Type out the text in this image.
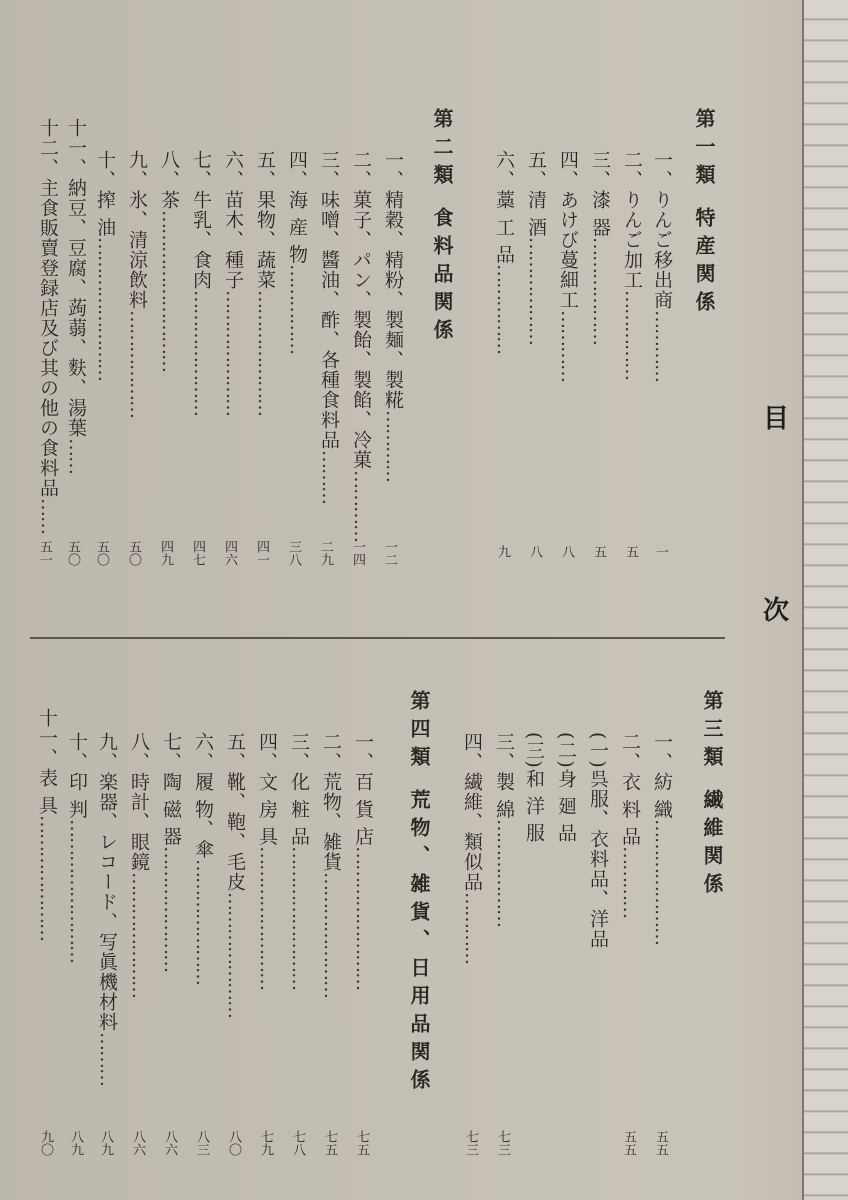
目
次
第一類 特産関係
一、りんご移出商…………
二、りんご加工……………
三、漆 器………………
四、あけび蔓細工…………
五、清 酒………………
六、藁 工 品……………
一
五
五
八
八
九
第二類 食料品関係
一、精穀、精粉、製麺、製糀…………
二、菓子、パン、製飴、製餡、冷菓…………
三、味噌、醬油、酢、各種食料品………
四、海 産 物……………
五、果物、蔬菜…………………
六、苗木、種子…………………
七、牛乳、食肉…………………
八、茶………………………
九、氷、清涼飲料………………
十、搾 油……………………
十一、納豆、豆腐、蒟蒻、麩、湯葉……
十二、主食販賣登録店及び其の他の食料品……
一二
一四
二九
三八
四一
四六
四七
四九
五〇
五〇
五〇
五一
第三類 繊維関係
一、紡 織…………………
二、衣 料 品…………
(一)呉服、衣料品、洋品
(二)身 廻 品
(三)和 洋 服
三、製 綿………………
四、繊維、類似品…………
五五
五五
七三
七三
第四類 荒物、雑貨、日用品関係
一、百 貨 店……………………
二、荒物、雑貨…………………
三、化 粧 品……………………
四、文 房 具……………………
五、靴、鞄、毛皮…………………
六、履 物、傘…………………
七、陶 磁 器…………………
八、時計、眼鏡…………………
九、楽器、レコード、写眞機材料………
十、印 判……………………
十一、表 具…………………
七五
七五
七八
七九
八〇
八三
八六
八六
八九
八九
九〇
